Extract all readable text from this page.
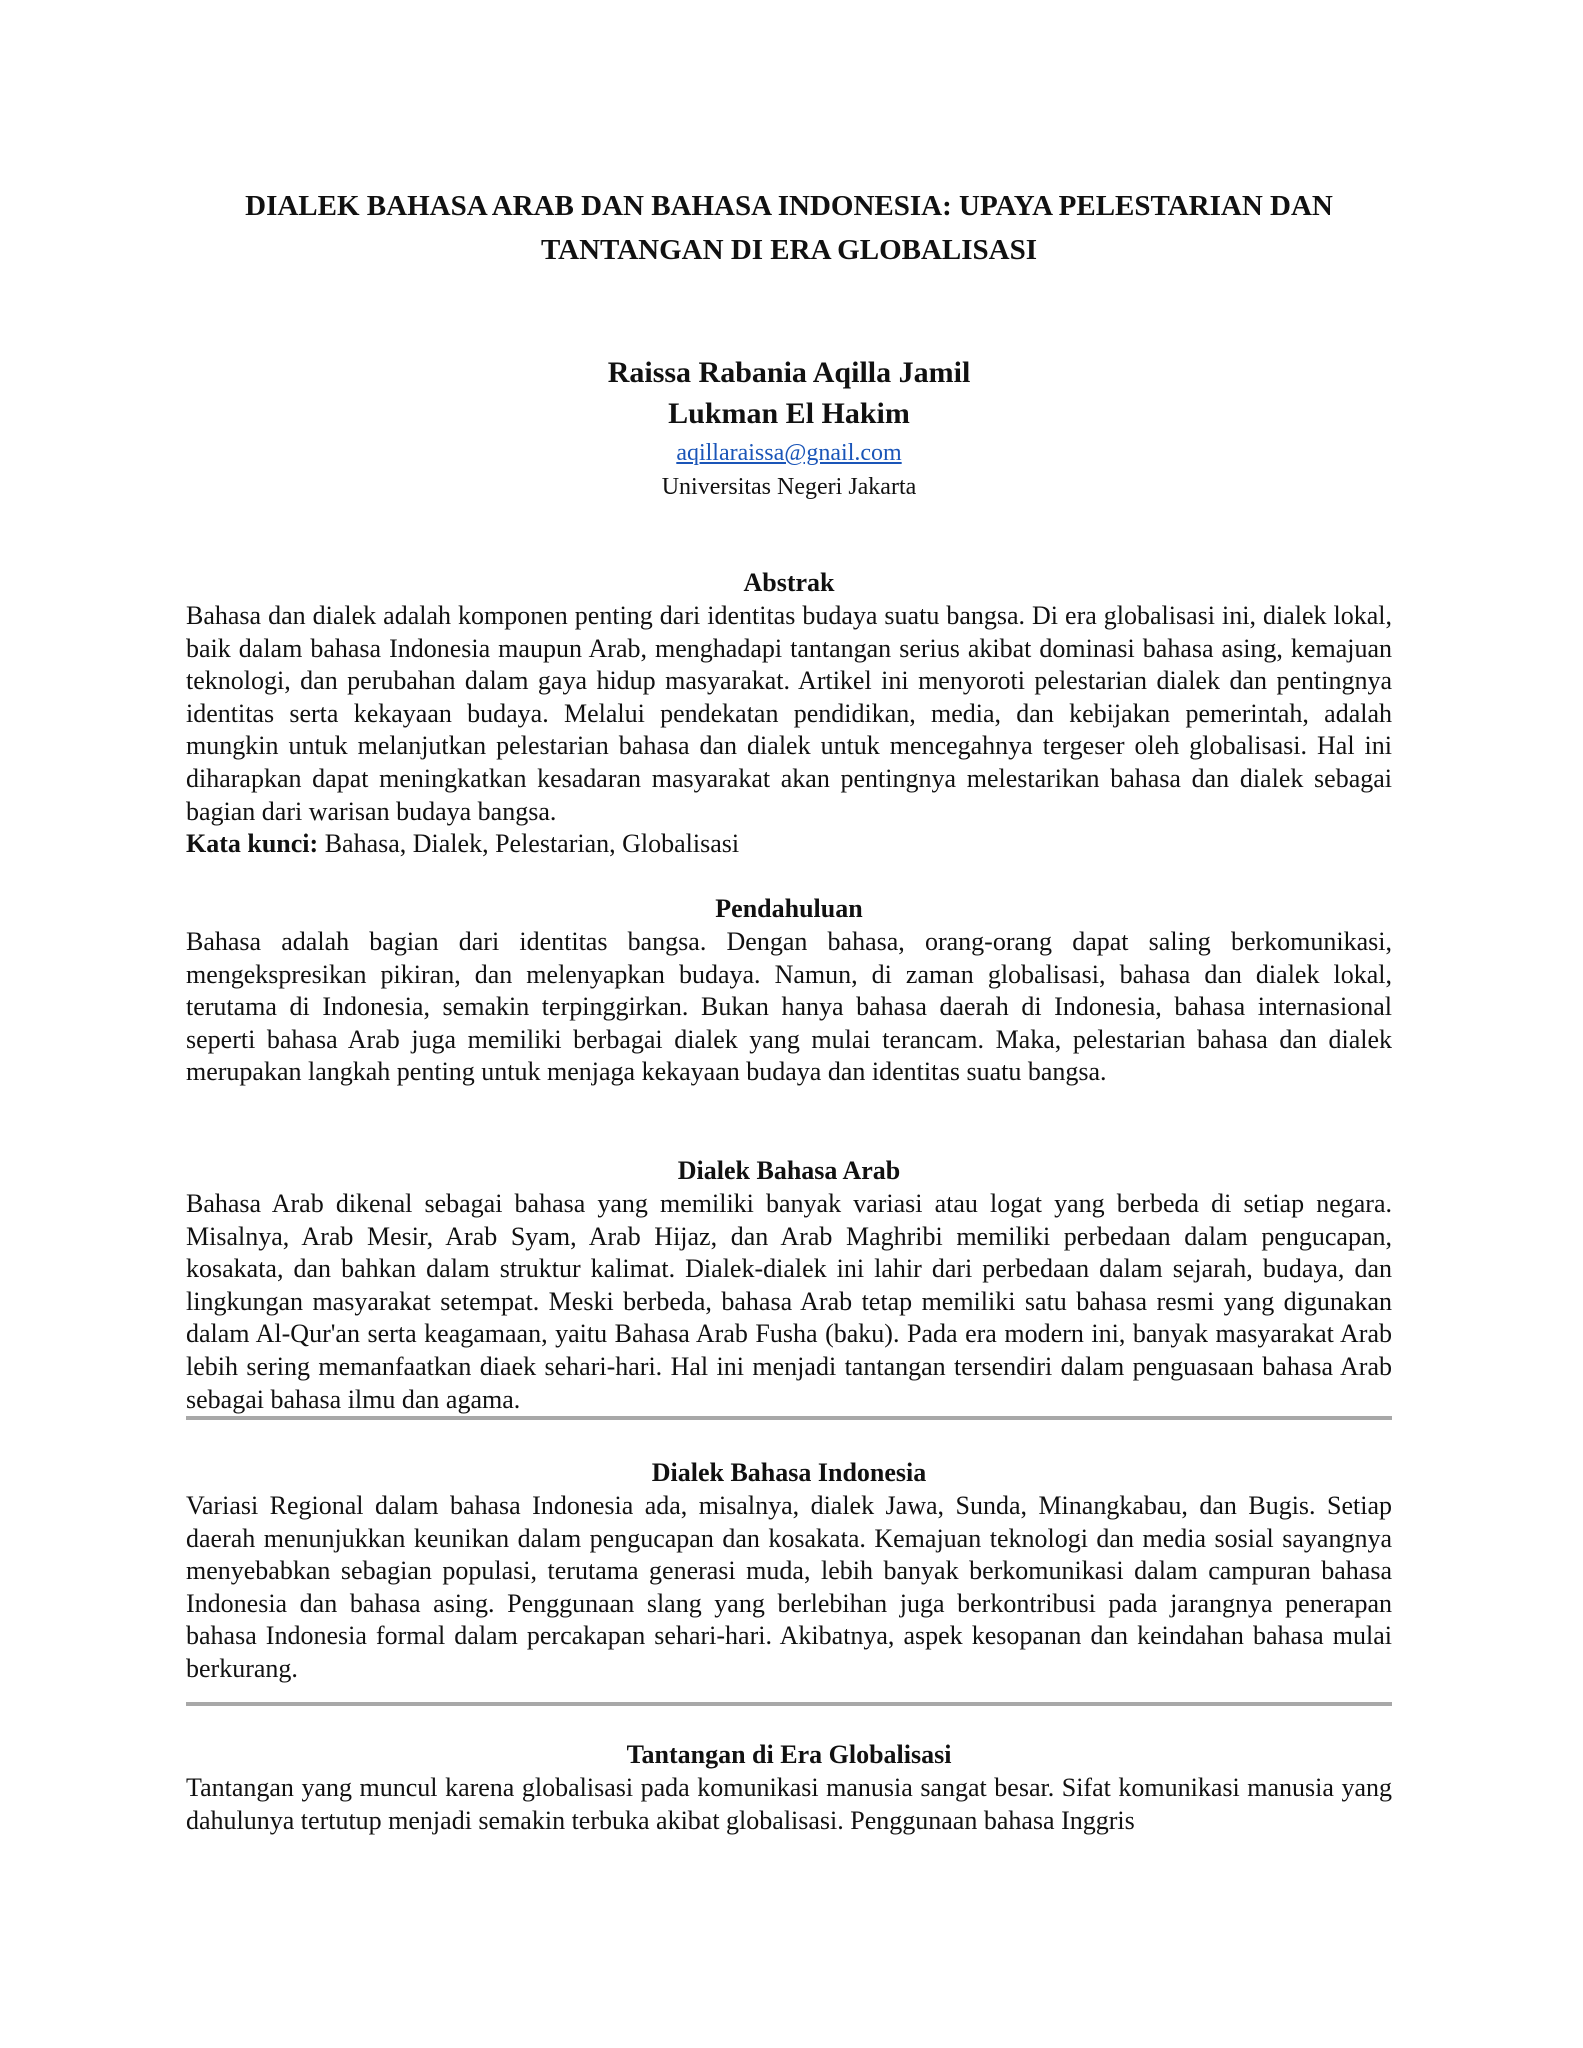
DIALEK BAHASA ARAB DAN BAHASA INDONESIA: UPAYA PELESTARIAN DAN
TANTANGAN DI ERA GLOBALISASI
Raissa Rabania Aqilla Jamil
Lukman El Hakim
aqillaraissa@gnail.com
Universitas Negeri Jakarta
Abstrak

Bahasa dan dialek adalah komponen penting dari identitas budaya suatu bangsa. Di era globalisasi ini, dialek lokal, baik dalam bahasa Indonesia maupun Arab, menghadapi tantangan serius akibat dominasi bahasa asing, kemajuan teknologi, dan perubahan dalam gaya hidup masyarakat. Artikel ini menyoroti pelestarian dialek dan pentingnya identitas serta kekayaan budaya. Melalui pendekatan pendidikan, media, dan kebijakan pemerintah, adalah mungkin untuk melanjutkan pelestarian bahasa dan dialek untuk mencegahnya tergeser oleh globalisasi. Hal ini diharapkan dapat meningkatkan kesadaran masyarakat akan pentingnya melestarikan bahasa dan dialek sebagai bagian dari warisan budaya bangsa.

Kata kunci: Bahasa, Dialek, Pelestarian, Globalisasi

Pendahuluan

Bahasa adalah bagian dari identitas bangsa. Dengan bahasa, orang-orang dapat saling berkomunikasi, mengekspresikan pikiran, dan melenyapkan budaya. Namun, di zaman globalisasi, bahasa dan dialek lokal, terutama di Indonesia, semakin terpinggirkan. Bukan hanya bahasa daerah di Indonesia, bahasa internasional seperti bahasa Arab juga memiliki berbagai dialek yang mulai terancam. Maka, pelestarian bahasa dan dialek merupakan langkah penting untuk menjaga kekayaan budaya dan identitas suatu bangsa.

Dialek Bahasa Arab

Bahasa Arab dikenal sebagai bahasa yang memiliki banyak variasi atau logat yang berbeda di setiap negara. Misalnya, Arab Mesir, Arab Syam, Arab Hijaz, dan Arab Maghribi memiliki perbedaan dalam pengucapan, kosakata, dan bahkan dalam struktur kalimat. Dialek-dialek ini lahir dari perbedaan dalam sejarah, budaya, dan lingkungan masyarakat setempat. Meski berbeda, bahasa Arab tetap memiliki satu bahasa resmi yang digunakan dalam Al-Qur'an serta keagamaan, yaitu Bahasa Arab Fusha (baku). Pada era modern ini, banyak masyarakat Arab lebih sering memanfaatkan diaek sehari-hari. Hal ini menjadi tantangan tersendiri dalam penguasaan bahasa Arab sebagai bahasa ilmu dan agama.

Dialek Bahasa Indonesia

Variasi Regional dalam bahasa Indonesia ada, misalnya, dialek Jawa, Sunda, Minangkabau, dan Bugis. Setiap daerah menunjukkan keunikan dalam pengucapan dan kosakata. Kemajuan teknologi dan media sosial sayangnya menyebabkan sebagian populasi, terutama generasi muda, lebih banyak berkomunikasi dalam campuran bahasa Indonesia dan bahasa asing. Penggunaan slang yang berlebihan juga berkontribusi pada jarangnya penerapan bahasa Indonesia formal dalam percakapan sehari-hari. Akibatnya, aspek kesopanan dan keindahan bahasa mulai berkurang.

Tantangan di Era Globalisasi

Tantangan yang muncul karena globalisasi pada komunikasi manusia sangat besar. Sifat komunikasi manusia yang dahulunya tertutup menjadi semakin terbuka akibat globalisasi. Penggunaan bahasa Inggris
